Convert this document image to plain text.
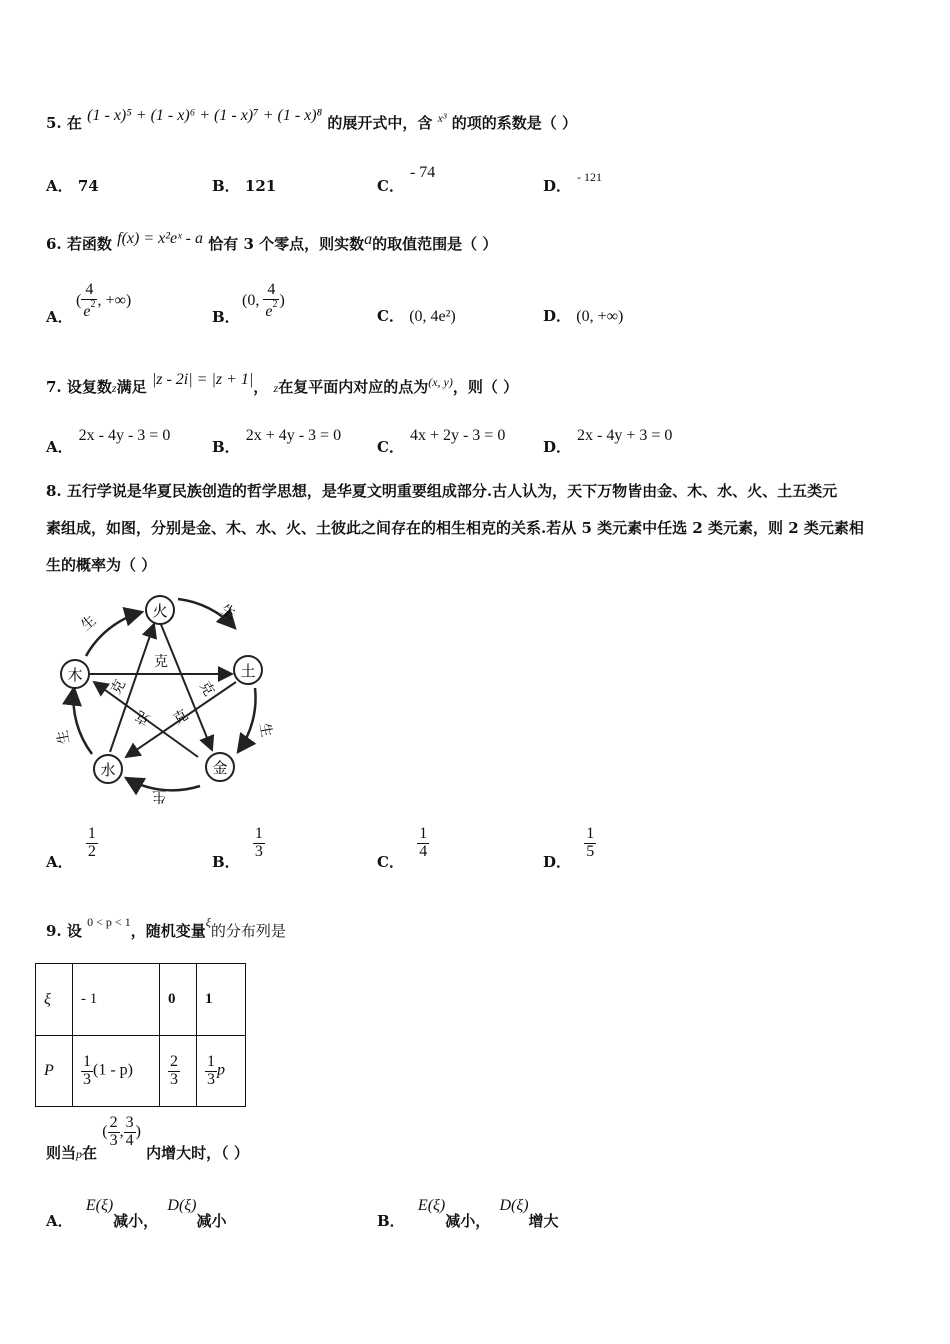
5. 在 (1 - x)⁵ + (1 - x)⁶ + (1 - x)⁷ + (1 - x)⁸ 的展开式中，含 $^{x^3}$ 的项的系数是（ ）
A． 74	B． 121	C．- 74
D． $^{- 121}$
6. 若函数 f(x) = x²eˣ - a 恰有 3 个零点，则实数a的取值范围是（ ）
A．
( $\frac{4}{e^2}$ , +∞)
B．
(0, $\frac{4}{e^2}$ )
C． (0, 4e²)	D． (0, +∞)
7. 设复数z满足 |z - 2i| = |z + 1|， z在复平面内对应的点为$^{(x, y)}$，则（ ）
A．2x - 4y - 3 = 0
B．2x + 4y - 3 = 0
C．4x + 2y - 3 = 0
D．2x - 4y + 3 = 0
8. 五行学说是华夏民族创造的哲学思想，是华夏文明重要组成部分.古人认为，天下万物皆由金、木、水、火、土五类元
素组成，如图，分别是金、木、水、火、土彼此之间存在的相生相克的关系.若从 5 类元素中任选 2 类元素，则 2 类元素相
生的概率为（ ）
火
土
金
水
木
生
生
生
生
生
克
克
克
克
克
A．
$\frac{1}{2}$
B．
$\frac{1}{3}$
C．
$\frac{1}{4}$
D．
$\frac{1}{5}$
9. 设 $^{0 < p < 1}$，随机变量$^\xi$的分布列是
ξ	- 1	0	1
P	$\frac{1}{3} (1 - p)$	$\frac{2}{3}$	$\frac{1}{3}$ p
则当$_p$在 ( $\frac{2}{3}$ , $\frac{3}{4}$ ) 内增大时，（ ）
A． E(ξ)减小， D(ξ)减小	B． E(ξ)减小， D(ξ)增大
